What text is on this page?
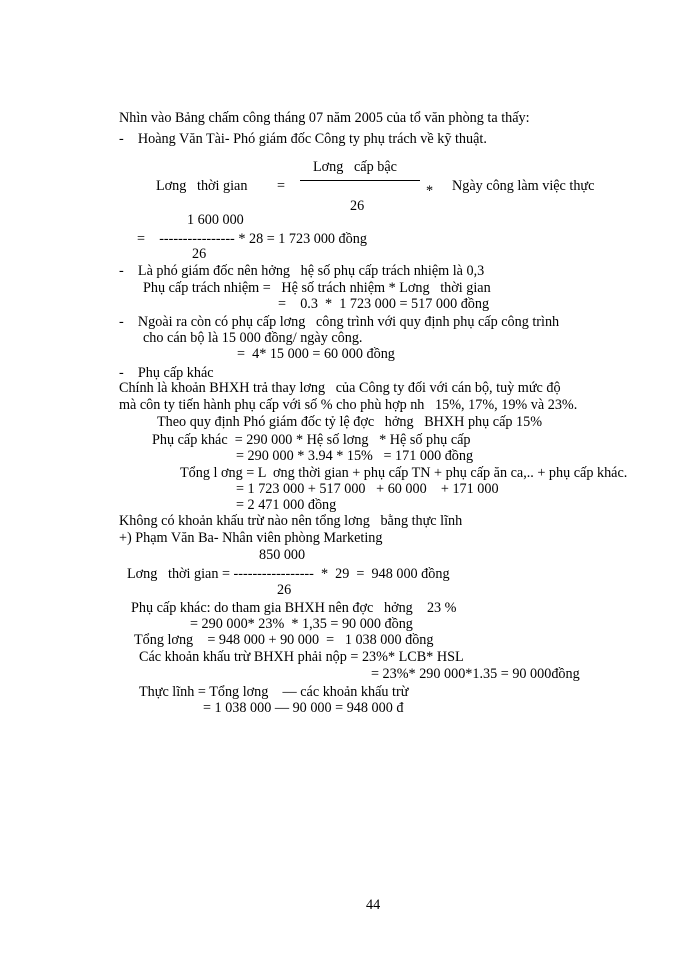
Nhìn vào Bảng chấm công tháng 07 năm 2005 của tổ văn phòng ta thấy:
-    Hoàng Văn Tài- Phó giám đốc Công ty phụ trách về kỹ thuật.
Lơng   cấp bậc
Lơng   thời gian =	* Ngày công làm việc thực
26
1 600 000
=    ---------------- * 28 = 1 723 000 đồng
26
-    Là phó giám đốc nên hởng   hệ số phụ cấp trách nhiệm là 0,3
Phụ cấp trách nhiệm =   Hệ số trách nhiệm * Lơng   thời gian
=    0.3  *  1 723 000 = 517 000 đồng
-    Ngoài ra còn có phụ cấp lơng   công trình với quy định phụ cấp công trình
cho cán bộ là 15 000 đồng/ ngày công.
=  4* 15 000 = 60 000 đồng
-    Phụ cấp khác
Chính là khoản BHXH trả thay lơng   của Công ty đối với cán bộ, tuỳ mức độ
mà côn ty tiến hành phụ cấp với số % cho phù hợp nh   15%, 17%, 19% và 23%.
Theo quy định Phó giám đốc tỷ lệ đợc   hởng   BHXH phụ cấp 15%
Phụ cấp khác  = 290 000 * Hệ số lơng   * Hệ số phụ cấp
= 290 000 * 3.94 * 15%   = 171 000 đồng
Tổng l ơng = L  ơng thời gian + phụ cấp TN + phụ cấp ăn ca,.. + phụ cấp khác.
= 1 723 000 + 517 000   + 60 000    + 171 000
= 2 471 000 đồng
Không có khoản khấu trừ nào nên tổng lơng   bằng thực lĩnh
+) Phạm Văn Ba- Nhân viên phòng Marketing
850 000
Lơng   thời gian = -----------------  *  29  =  948 000 đồng
26
Phụ cấp khác: do tham gia BHXH nên đợc   hởng    23 %
= 290 000* 23%  * 1,35 = 90 000 đồng
Tổng lơng    = 948 000 + 90 000  =   1 038 000 đồng
Các khoản khấu trừ BHXH phải nộp = 23%* LCB* HSL
= 23%* 290 000*1.35 = 90 000đồng
Thực lĩnh = Tổng lơng    — các khoản khấu trừ
= 1 038 000 — 90 000 = 948 000 đ
44
